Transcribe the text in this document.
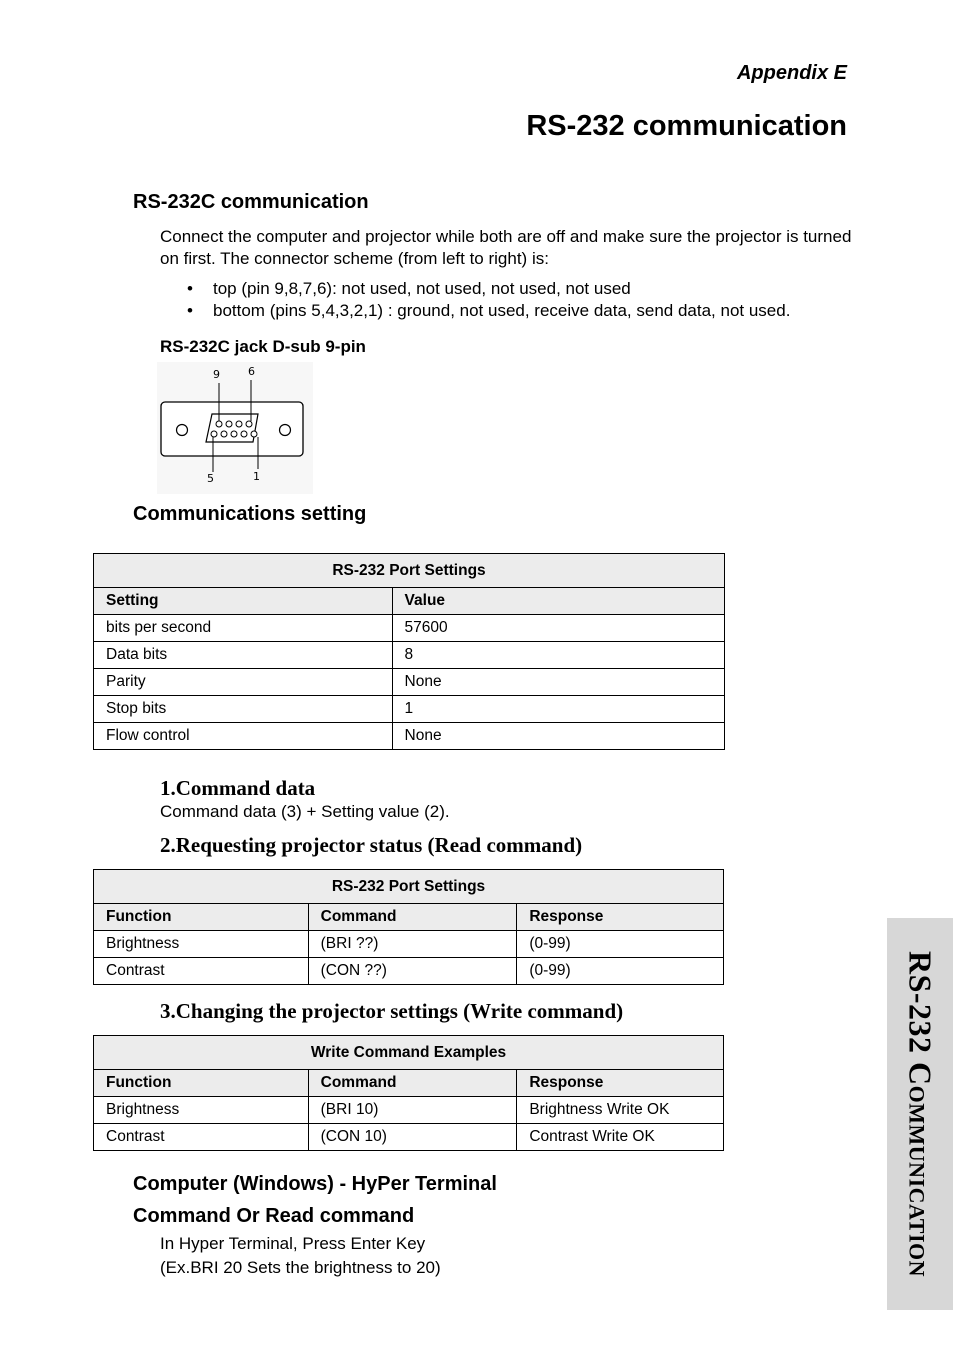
Appendix E
RS-232 communication
RS-232C communication
Connect the computer and projector while both are off and make sure the projector is turned on first. The connector scheme (from left to right) is:
• top (pin 9,8,7,6): not used, not used, not used, not used
• bottom (pins 5,4,3,2,1) : ground, not used, receive data, send data, not used.
RS-232C jack D-sub 9-pin
9	6
5	1
Communications setting
RS-232 Port Settings	
Setting	Value
bits per second	57600
Data bits	8
Parity	None
Stop bits	1
Flow control	None
1.Command data
Command data (3) + Setting value (2).
2.Requesting projector status (Read command)
RS-232 Port Settings		
Function	Command	Response
Brightness	(BRI ??)	(0-99)
Contrast	(CON ??)	(0-99)
3.Changing the projector settings (Write command)
Write Command Examples		
Function	Command	Response
Brightness	(BRI 10)	Brightness Write OK
Contrast	(CON 10)	Contrast Write OK
Computer (Windows) - HyPer Terminal
Command Or Read command
In Hyper Terminal, Press Enter Key
(Ex.BRI 20 Sets the brightness to 20)	RS-232 Communication
